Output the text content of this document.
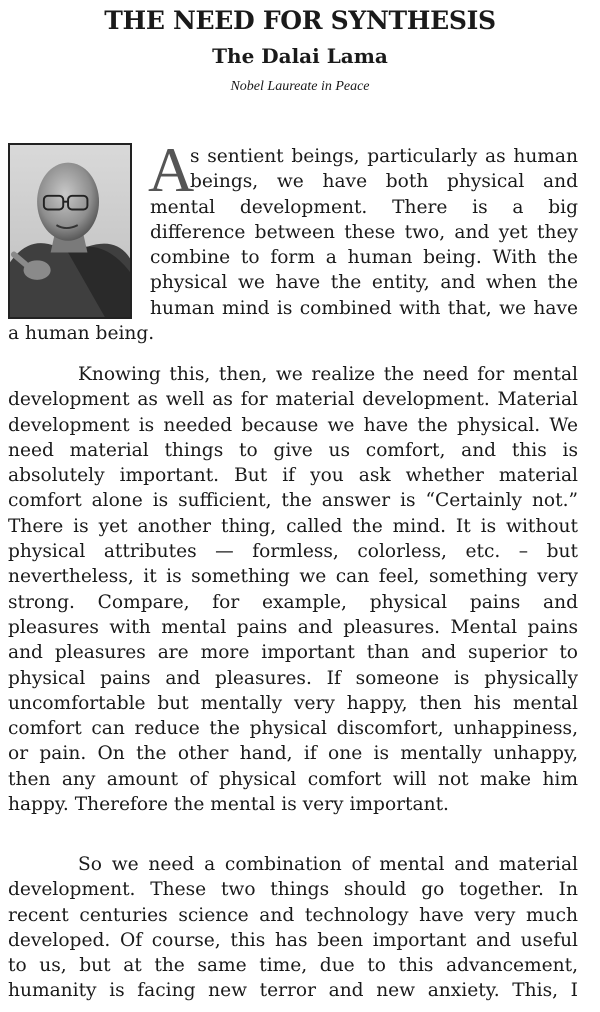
THE NEED FOR SYNTHESIS
The Dalai Lama
Nobel Laureate in Peace
A
s sentient beings, particularly as human
beings, we have both physical and
mental development. There is a big
difference between these two, and yet they
combine to form a human being. With the
physical we have the entity, and when the
human mind is combined with that, we have
a human being.
Knowing this, then, we realize the need for mental
development as well as for material development. Material
development is needed because we have the physical. We
need material things to give us comfort, and this is
absolutely important. But if you ask whether material
comfort alone is sufficient, the answer is “Certainly not.”
There is yet another thing, called the mind. It is without
physical attributes — formless, colorless, etc. – but
nevertheless, it is something we can feel, something very
strong. Compare, for example, physical pains and
pleasures with mental pains and pleasures. Mental pains
and pleasures are more important than and superior to
physical pains and pleasures. If someone is physically
uncomfortable but mentally very happy, then his mental
comfort can reduce the physical discomfort, unhappiness,
or pain. On the other hand, if one is mentally unhappy,
then any amount of physical comfort will not make him
happy. Therefore the mental is very important.
So we need a combination of mental and material
development. These two things should go together. In
recent centuries science and technology have very much
developed. Of course, this has been important and useful
to us, but at the same time, due to this advancement,
humanity is facing new terror and new anxiety. This, I
